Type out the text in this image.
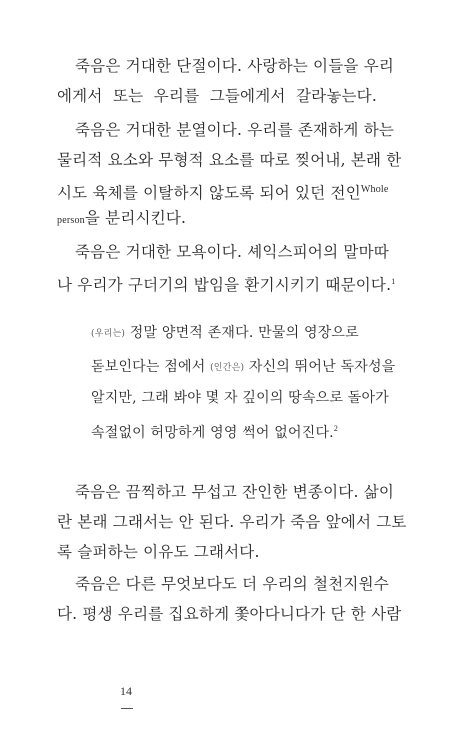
죽음은 거대한 단절이다. 사랑하는 이들을 우리
에게서 또는 우리를 그들에게서 갈라놓는다.
죽음은 거대한 분열이다. 우리를 존재하게 하는
물리적 요소와 무형적 요소를 따로 찢어내, 본래 한
시도 육체를 이탈하지 않도록 되어 있던 전인$^{Whole}$
person을 분리시킨다.
죽음은 거대한 모욕이다. 셰익스피어의 말마따
나 우리가 구더기의 밥임을 환기시키기 때문이다.$^1$
(우리는) 정말 양면적 존재다. 만물의 영장으로
돋보인다는 점에서 (인간은) 자신의 뛰어난 독자성을
알지만, 그래 봐야 몇 자 깊이의 땅속으로 돌아가
속절없이 허망하게 영영 썩어 없어진다.$^2$
죽음은 끔찍하고 무섭고 잔인한 변종이다. 삶이
란 본래 그래서는 안 된다. 우리가 죽음 앞에서 그토
록 슬퍼하는 이유도 그래서다.
죽음은 다른 무엇보다도 더 우리의 철천지원수
다. 평생 우리를 집요하게 쫓아다니다가 단 한 사람
14
